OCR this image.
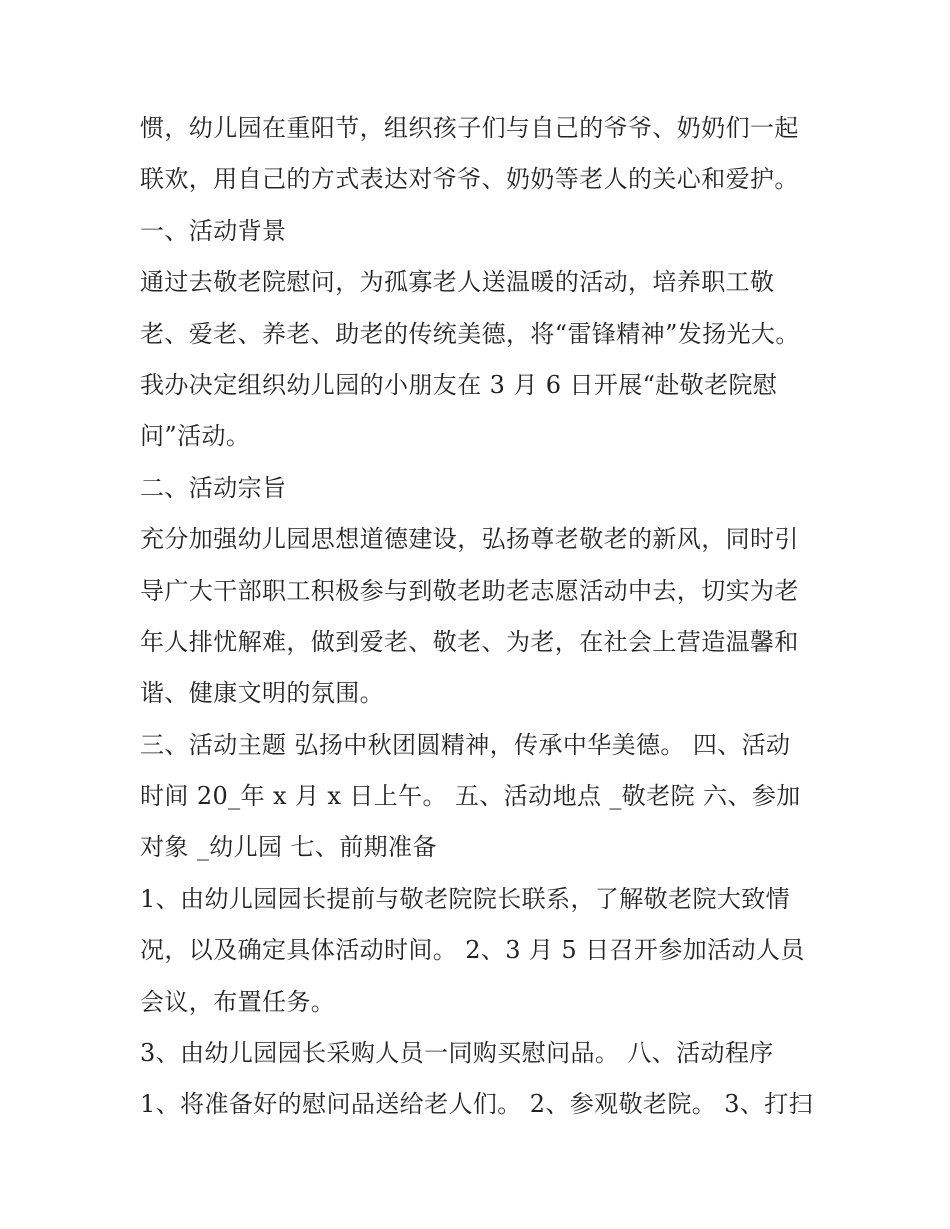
惯，幼儿园在重阳节，组织孩子们与自己的爷爷、奶奶们一起
联欢，用自己的方式表达对爷爷、奶奶等老人的关心和爱护。
一、活动背景
通过去敬老院慰问，为孤寡老人送温暖的活动，培养职工敬
老、爱老、养老、助老的传统美德，将“雷锋精神”发扬光大。
我办决定组织幼儿园的小朋友在 3 月 6 日开展“赴敬老院慰
问”活动。
二、活动宗旨
充分加强幼儿园思想道德建设，弘扬尊老敬老的新风，同时引
导广大干部职工积极参与到敬老助老志愿活动中去，切实为老
年人排忧解难，做到爱老、敬老、为老，在社会上营造温馨和
谐、健康文明的氛围。
三、活动主题 弘扬中秋团圆精神，传承中华美德。 四、活动
时间 20_年 x 月 x 日上午。 五、活动地点 _敬老院 六、参加
对象 _幼儿园 七、前期准备
1、由幼儿园园长提前与敬老院院长联系，了解敬老院大致情
况，以及确定具体活动时间。 2、3 月 5 日召开参加活动人员
会议，布置任务。
3、由幼儿园园长采购人员一同购买慰问品。 八、活动程序
1、将准备好的慰问品送给老人们。 2、参观敬老院。 3、打扫
